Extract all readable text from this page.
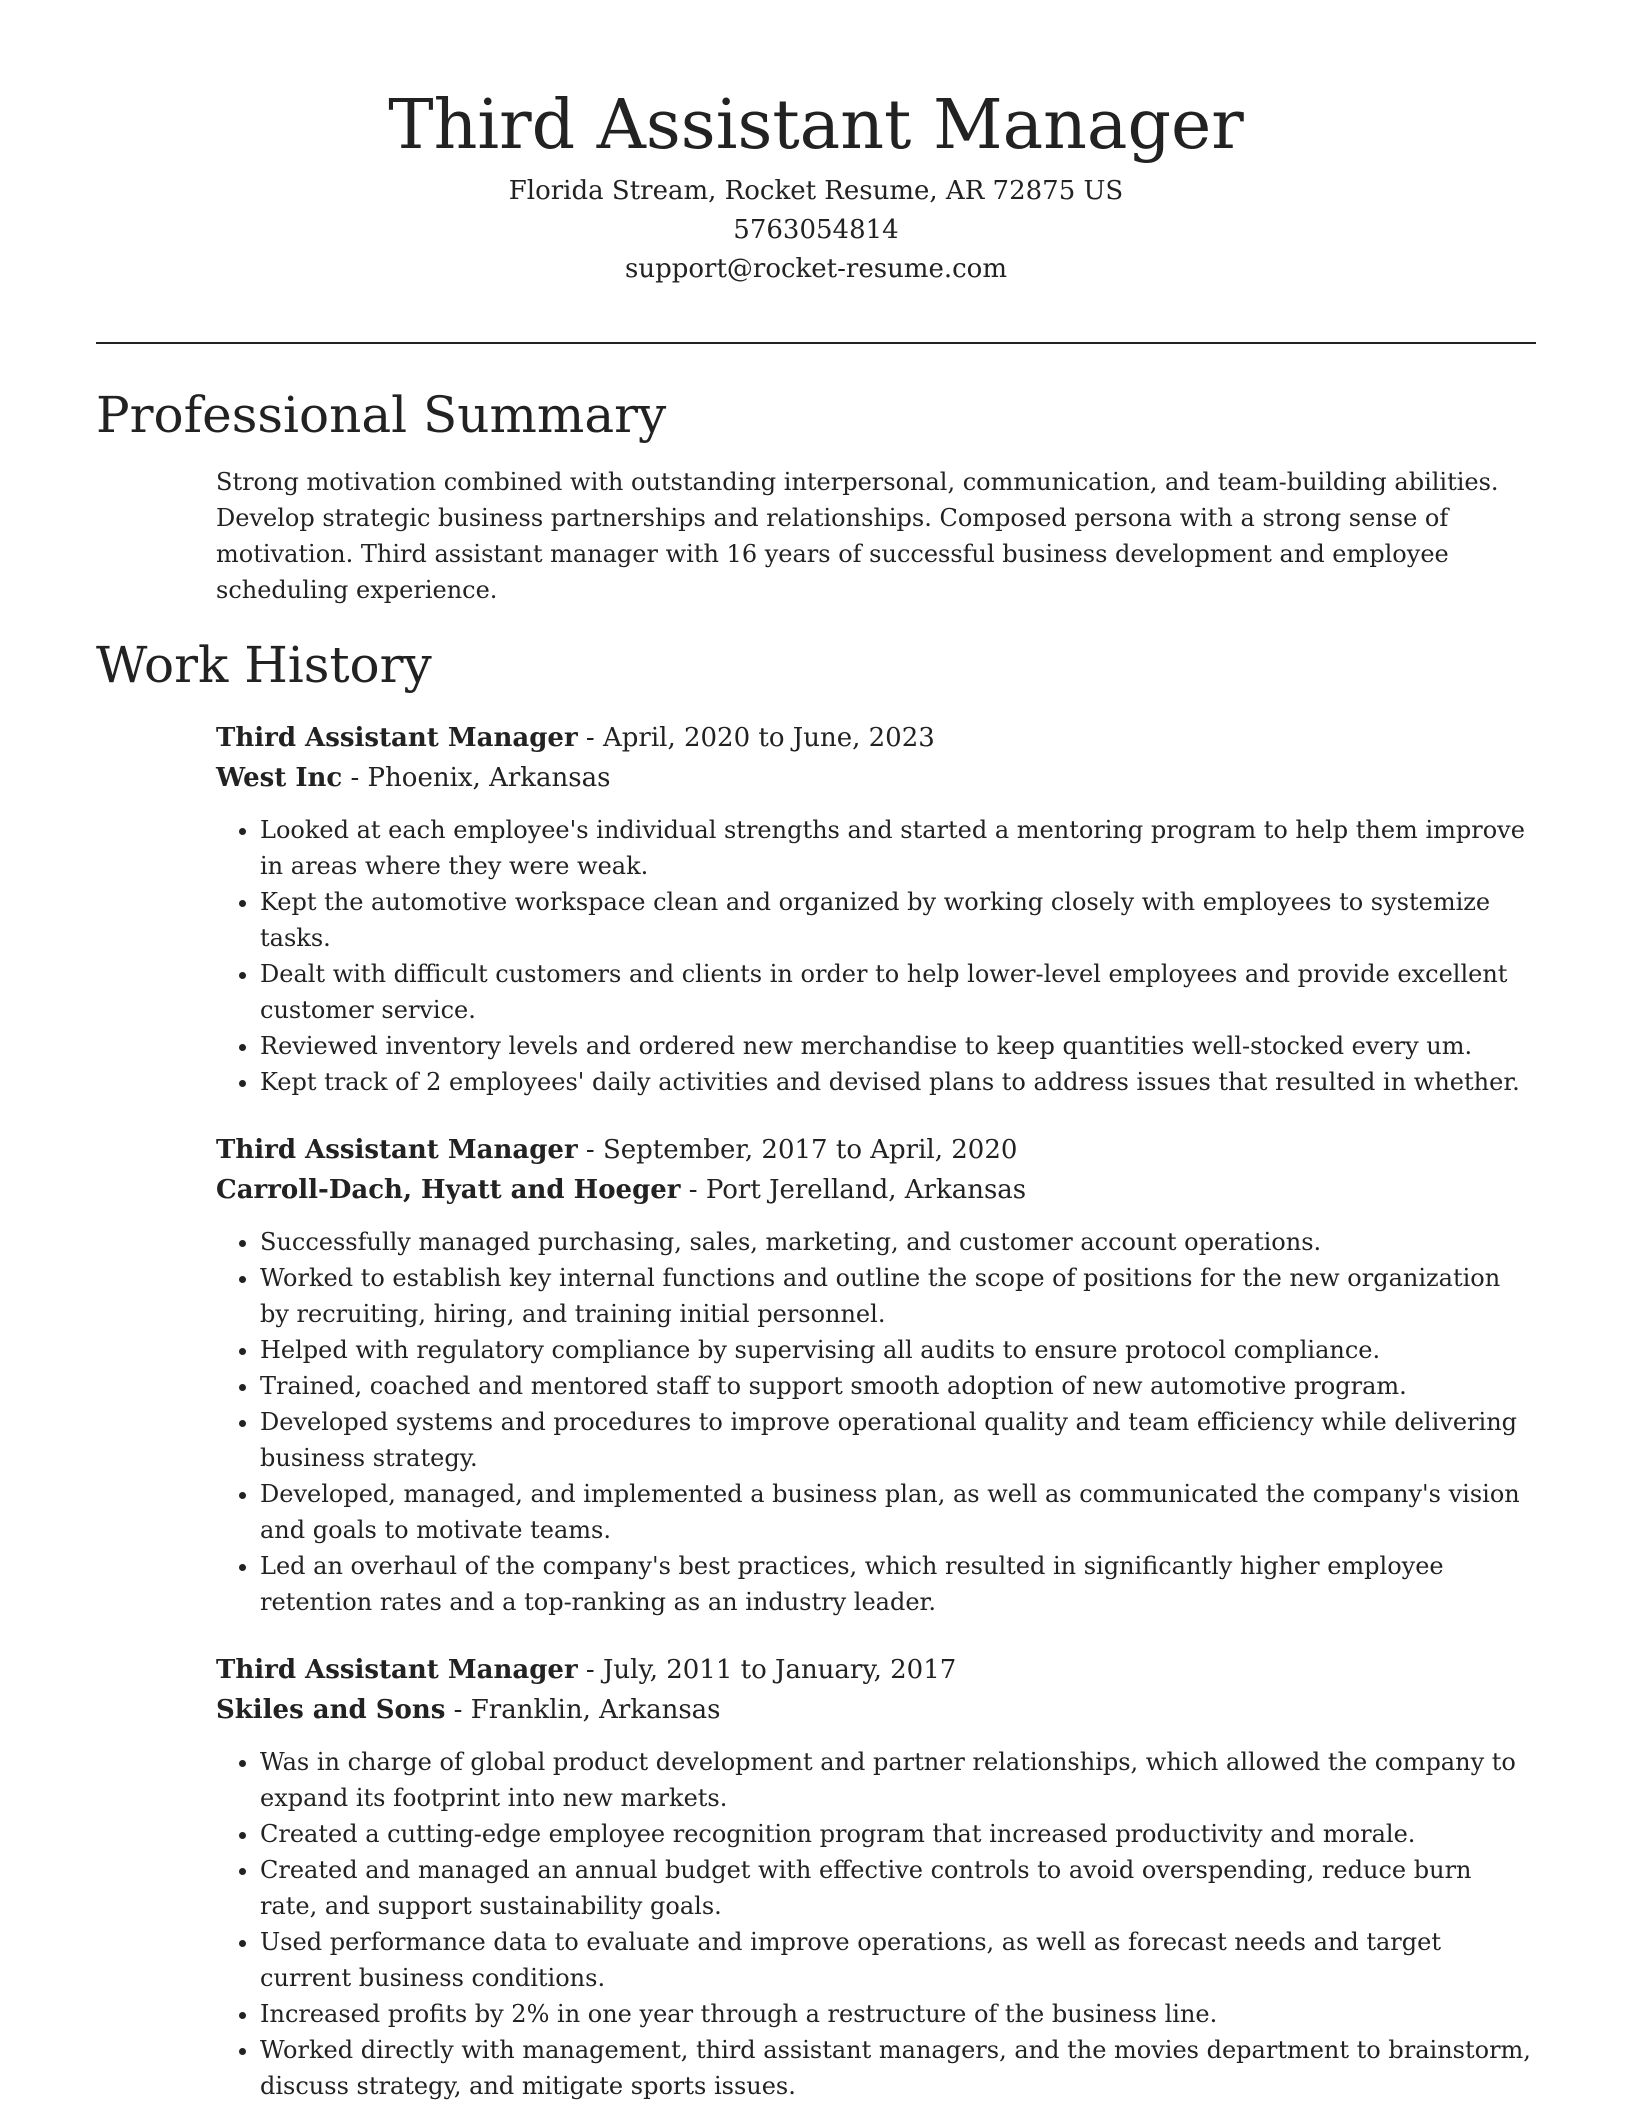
Third Assistant Manager

Florida Stream, Rocket Resume, AR 72875 US

5763054814

support@rocket-resume.com

Professional Summary

Strong motivation combined with outstanding interpersonal, communication, and team-building abilities. Develop strategic business partnerships and relationships. Composed persona with a strong sense of motivation. Third assistant manager with 16 years of successful business development and employee scheduling experience.

Work History

Third Assistant Manager - April, 2020 to June, 2023

West Inc - Phoenix, Arkansas

• Looked at each employee's individual strengths and started a mentoring program to help them improve in areas where they were weak.
• Kept the automotive workspace clean and organized by working closely with employees to systemize tasks.
• Dealt with difficult customers and clients in order to help lower-level employees and provide excellent customer service.
• Reviewed inventory levels and ordered new merchandise to keep quantities well-stocked every um.
• Kept track of 2 employees' daily activities and devised plans to address issues that resulted in whether.

Third Assistant Manager - September, 2017 to April, 2020

Carroll-Dach, Hyatt and Hoeger - Port Jerelland, Arkansas

• Successfully managed purchasing, sales, marketing, and customer account operations.
• Worked to establish key internal functions and outline the scope of positions for the new organization by recruiting, hiring, and training initial personnel.
• Helped with regulatory compliance by supervising all audits to ensure protocol compliance.
• Trained, coached and mentored staff to support smooth adoption of new automotive program.
• Developed systems and procedures to improve operational quality and team efficiency while delivering business strategy.
• Developed, managed, and implemented a business plan, as well as communicated the company's vision and goals to motivate teams.
• Led an overhaul of the company's best practices, which resulted in significantly higher employee retention rates and a top-ranking as an industry leader.

Third Assistant Manager - July, 2011 to January, 2017

Skiles and Sons - Franklin, Arkansas

• Was in charge of global product development and partner relationships, which allowed the company to expand its footprint into new markets.
• Created a cutting-edge employee recognition program that increased productivity and morale.
• Created and managed an annual budget with effective controls to avoid overspending, reduce burn rate, and support sustainability goals.
• Used performance data to evaluate and improve operations, as well as forecast needs and target current business conditions.
• Increased profits by 2% in one year through a restructure of the business line.
• Worked directly with management, third assistant managers, and the movies department to brainstorm, discuss strategy, and mitigate sports issues.
